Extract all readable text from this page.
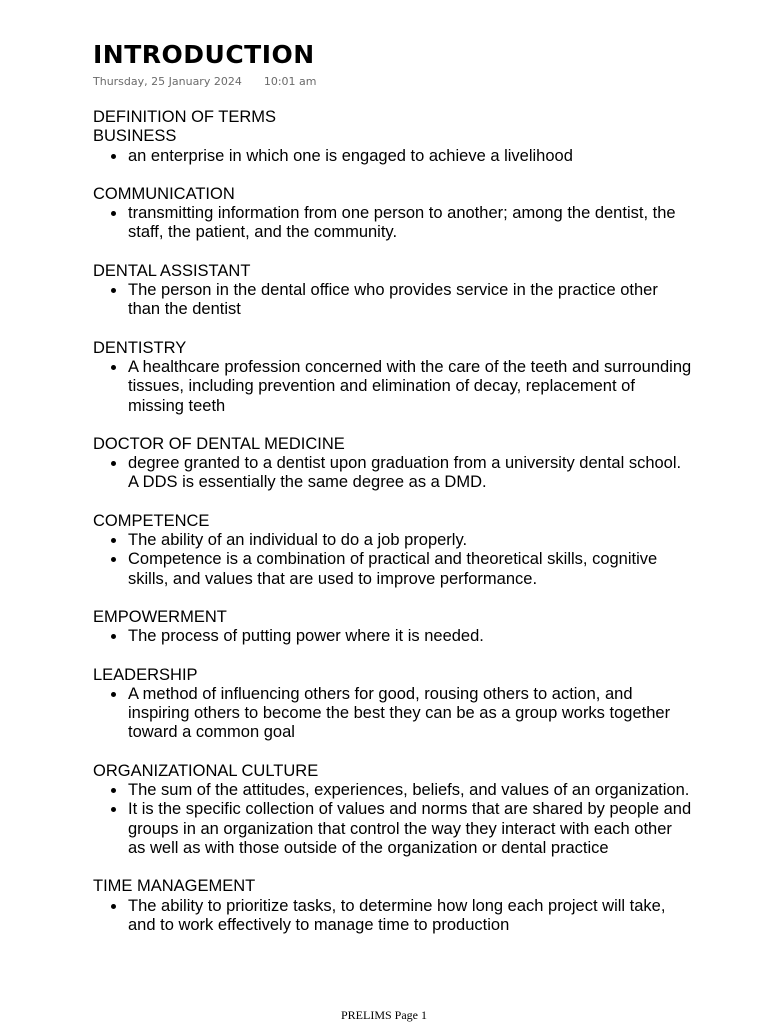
INTRODUCTION
Thursday, 25 January 2024 10:01 am
DEFINITION OF TERMS
BUSINESS
an enterprise in which one is engaged to achieve a livelihood
COMMUNICATION
transmitting information from one person to another; among the dentist, the staff, the patient, and the community.
DENTAL ASSISTANT
The person in the dental office who provides service in the practice other than the dentist
DENTISTRY
A healthcare profession concerned with the care of the teeth and surrounding tissues, including prevention and elimination of decay, replacement of missing teeth
DOCTOR OF DENTAL MEDICINE
degree granted to a dentist upon graduation from a university dental school. A DDS is essentially the same degree as a DMD.
COMPETENCE
The ability of an individual to do a job properly.
Competence is a combination of practical and theoretical skills, cognitive skills, and values that are used to improve performance.
EMPOWERMENT
The process of putting power where it is needed.
LEADERSHIP
A method of influencing others for good, rousing others to action, and inspiring others to become the best they can be as a group works together toward a common goal
ORGANIZATIONAL CULTURE
The sum of the attitudes, experiences, beliefs, and values of an organization.
It is the specific collection of values and norms that are shared by people and groups in an organization that control the way they interact with each other as well as with those outside of the organization or dental practice
TIME MANAGEMENT
The ability to prioritize tasks, to determine how long each project will take, and to work effectively to manage time to production
PRELIMS Page 1
